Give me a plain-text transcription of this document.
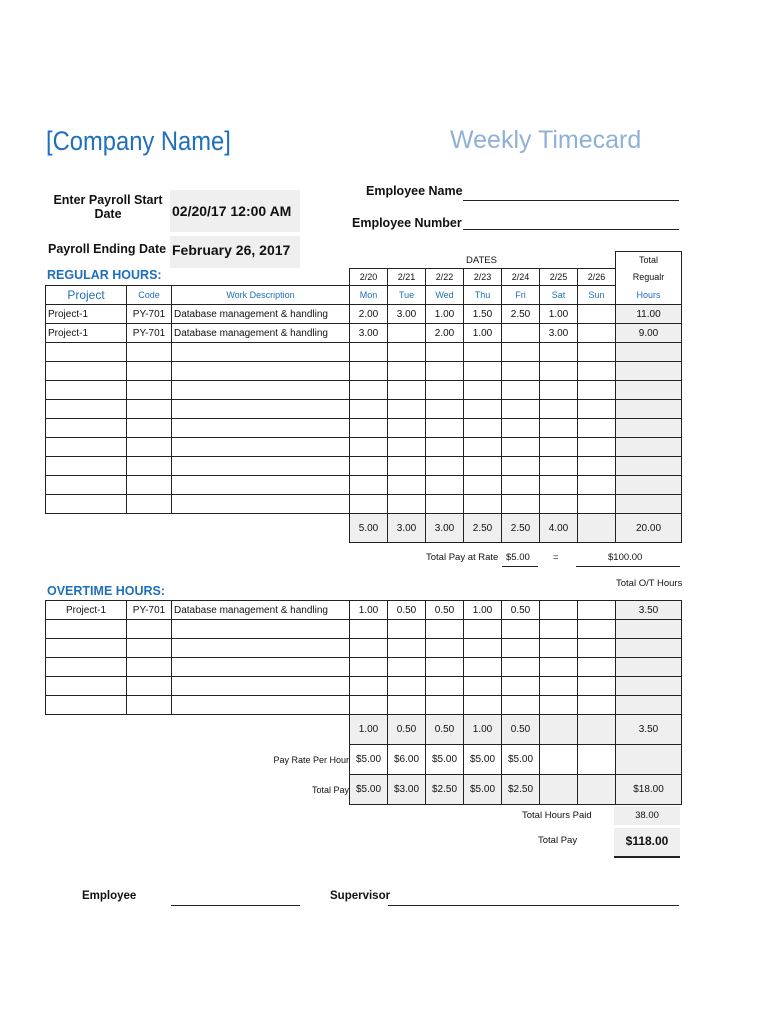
[Company Name]	Weekly Timecard
Enter Payroll Start
Date	02/20/17 12:00 AM
Payroll Ending Date February 26, 2017
Employee Name
Employee Number
DATES
REGULAR HOURS:
										Total
			2/20	2/21	2/22	2/23	2/24	2/25	2/26	Regualr
Project	Code	Work Description	Mon	Tue	Wed	Thu	Fri	Sat	Sun	Hours
Project-1	PY-701	Database management & handling	2.00	3.00	1.00	1.50	2.50	1.00		11.00
Project-1	PY-701	Database management & handling	3.00		2.00	1.00		3.00		9.00

			5.00	3.00	3.00	2.50	2.50	4.00		20.00
Total Pay at Rate $5.00 =	$100.00
Total O/T Hours
OVERTIME HOURS:
Project-1	PY-701	Database management & handling	1.00	0.50	0.50	1.00	0.50			3.50

			1.00	0.50	0.50	1.00	0.50			3.50
		Pay Rate Per Hour	$5.00	$6.00	$5.00	$5.00	$5.00			
		Total Pay	$5.00	$3.00	$2.50	$5.00	$2.50			$18.00
Total Hours Paid	38.00
Total Pay	$118.00
Employee	Supervisor
